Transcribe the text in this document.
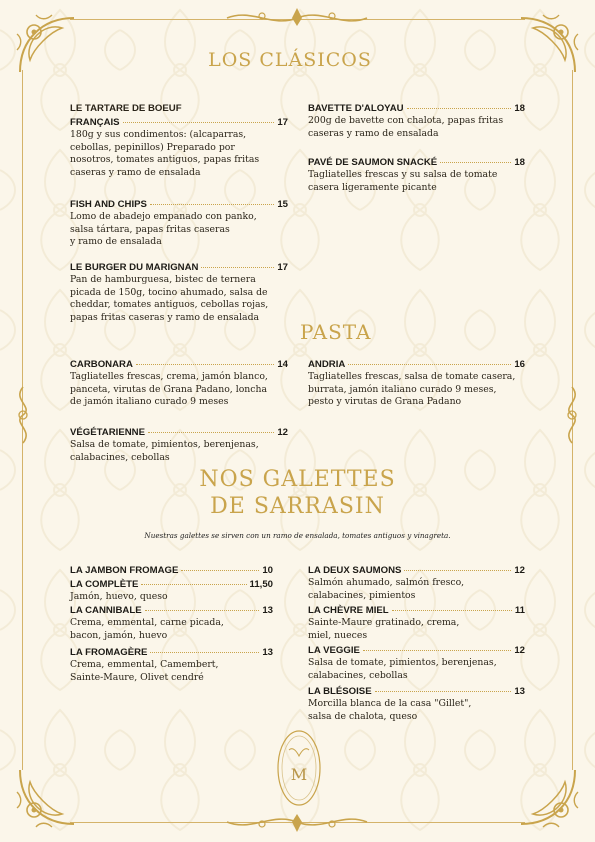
LOS CLÁSICOS
PASTA
NOS GALETTES
DE SARRASIN
Nuestras galettes se sirven con un ramo de ensalada, tomates antiguos y vinagreta.
LE TARTARE DE BOEUF
FRANÇAIS	17
180g y sus condimentos: (alcaparras,
cebollas, pepinillos) Preparado por
nosotros, tomates antiguos, papas fritas
caseras y ramo de ensalada
FISH AND CHIPS	15
Lomo de abadejo empanado con panko,
salsa tártara, papas fritas caseras
y ramo de ensalada
LE BURGER DU MARIGNAN	17
Pan de hamburguesa, bistec de ternera
picada de 150g, tocino ahumado, salsa de
cheddar, tomates antiguos, cebollas rojas,
papas fritas caseras y ramo de ensalada
BAVETTE D'ALOYAU	18
200g de bavette con chalota, papas fritas
caseras y ramo de ensalada
PAVÉ DE SAUMON SNACKÉ	18
Tagliatelles frescas y su salsa de tomate
casera ligeramente picante
CARBONARA	14
Tagliatelles frescas, crema, jamón blanco,
panceta, virutas de Grana Padano, loncha
de jamón italiano curado 9 meses
VÉGÉTARIENNE	12
Salsa de tomate, pimientos, berenjenas,
calabacines, cebollas
ANDRIA	16
Tagliatelles frescas, salsa de tomate casera,
burrata, jamón italiano curado 9 meses,
pesto y virutas de Grana Padano
LA JAMBON FROMAGE	10
LA COMPLÈTE	11,50
Jamón, huevo, queso
LA CANNIBALE	13
Crema, emmental, carne picada,
bacon, jamón, huevo
LA FROMAGÈRE	13
Crema, emmental, Camembert,
Sainte-Maure, Olivet cendré
LA DEUX SAUMONS	12
Salmón ahumado, salmón fresco,
calabacines, pimientos
LA CHÈVRE MIEL	11
Sainte-Maure gratinado, crema,
miel, nueces
LA VEGGIE	12
Salsa de tomate, pimientos, berenjenas,
calabacines, cebollas
LA BLÉSOISE	13
Morcilla blanca de la casa "Gillet",
salsa de chalota, queso
M
